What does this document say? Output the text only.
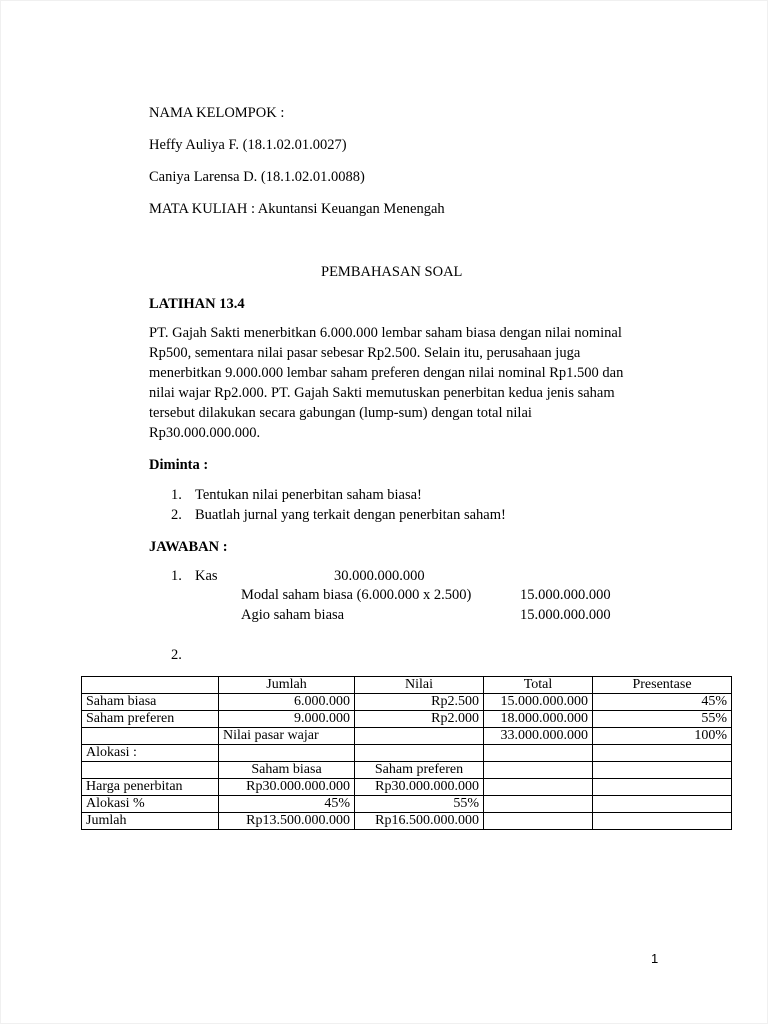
NAMA KELOMPOK :
Heffy Auliya F. (18.1.02.01.0027)
Caniya Larensa D. (18.1.02.01.0088)
MATA KULIAH : Akuntansi Keuangan Menengah
PEMBAHASAN SOAL
LATIHAN 13.4
PT. Gajah Sakti menerbitkan 6.000.000 lembar saham biasa dengan nilai nominal
Rp500, sementara nilai pasar sebesar Rp2.500. Selain itu, perusahaan juga
menerbitkan 9.000.000 lembar saham preferen dengan nilai nominal Rp1.500 dan
nilai wajar Rp2.000. PT. Gajah Sakti memutuskan penerbitan kedua jenis saham
tersebut dilakukan secara gabungan (lump-sum) dengan total nilai
Rp30.000.000.000.
Diminta :
1. Tentukan nilai penerbitan saham biasa!
2. Buatlah jurnal yang terkait dengan penerbitan saham!
JAWABAN :
1. Kas	30.000.000.000
Modal saham biasa (6.000.000 x 2.500)	15.000.000.000
Agio saham biasa	15.000.000.000
2.
	Jumlah	Nilai	Total	Presentase
Saham biasa	6.000.000	Rp2.500	15.000.000.000	45%
Saham preferen	9.000.000	Rp2.000	18.000.000.000	55%
	Nilai pasar wajar		33.000.000.000	100%
Alokasi :				
	Saham biasa	Saham preferen		
Harga penerbitan	Rp30.000.000.000	Rp30.000.000.000		
Alokasi %	45%	55%		
Jumlah	Rp13.500.000.000	Rp16.500.000.000		
1
